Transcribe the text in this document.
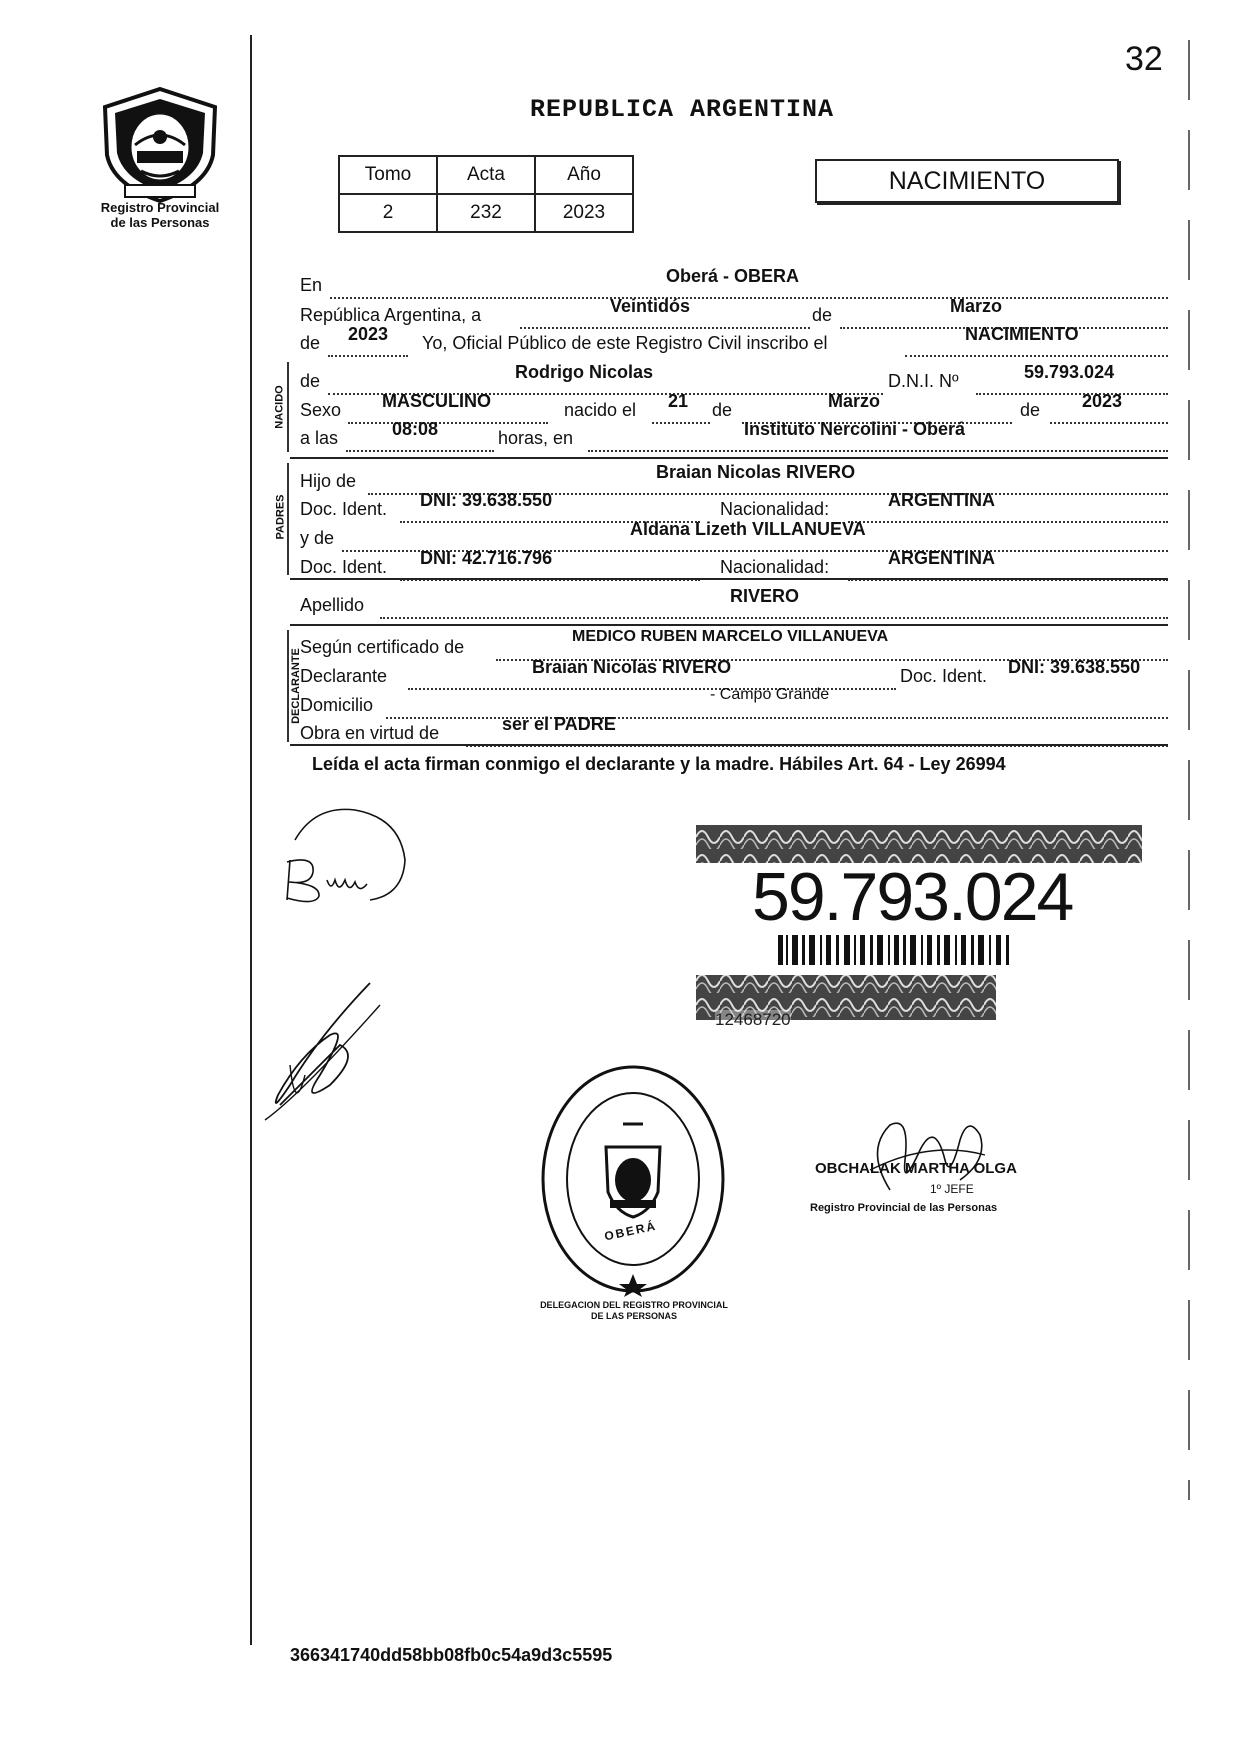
32
Registro Provincial
de las Personas
REPUBLICA ARGENTINA
Tomo	Acta	Año
2	232	2023
NACIMIENTO
En	Oberá - OBERA
República Argentina, a	Veintidós	de	Marzo
de 2023 Yo, Oficial Público de este Registro Civil inscribo el	NACIMIENTO
NACIDO
de	Rodrigo Nicolas	D.N.I. Nº	59.793.024
Sexo MASCULINO	nacido el 21 de	Marzo	de 2023
a las	08:08	horas, en	Instituto Nercolini - Oberá
PADRES
Hijo de	Braian Nicolas RIVERO
Doc. Ident. DNI: 39.638.550	Nacionalidad:	ARGENTINA
y de	Aldana Lizeth VILLANUEVA
Doc. Ident. DNI: 42.716.796	Nacionalidad:	ARGENTINA
Apellido	RIVERO
DECLARANTE
Según certificado de
MEDICO RUBEN MARCELO VILLANUEVA
Declarante	Braian Nicolas RIVERO	Doc. Ident. DNI: 39.638.550
Domicilio
- Campo Grande
Obra en virtud de	ser el PADRE
Leída el acta firman conmigo el declarante y la madre. Hábiles Art. 64 - Ley 26994
59.793.024
12468720
DELEGACION DEL REGISTRO PROVINCIAL DE LAS PERSONAS
OBERÁ
OBCHALAK MARTHA OLGA
1º JEFE
Registro Provincial de las Personas
366341740dd58bb08fb0c54a9d3c5595
